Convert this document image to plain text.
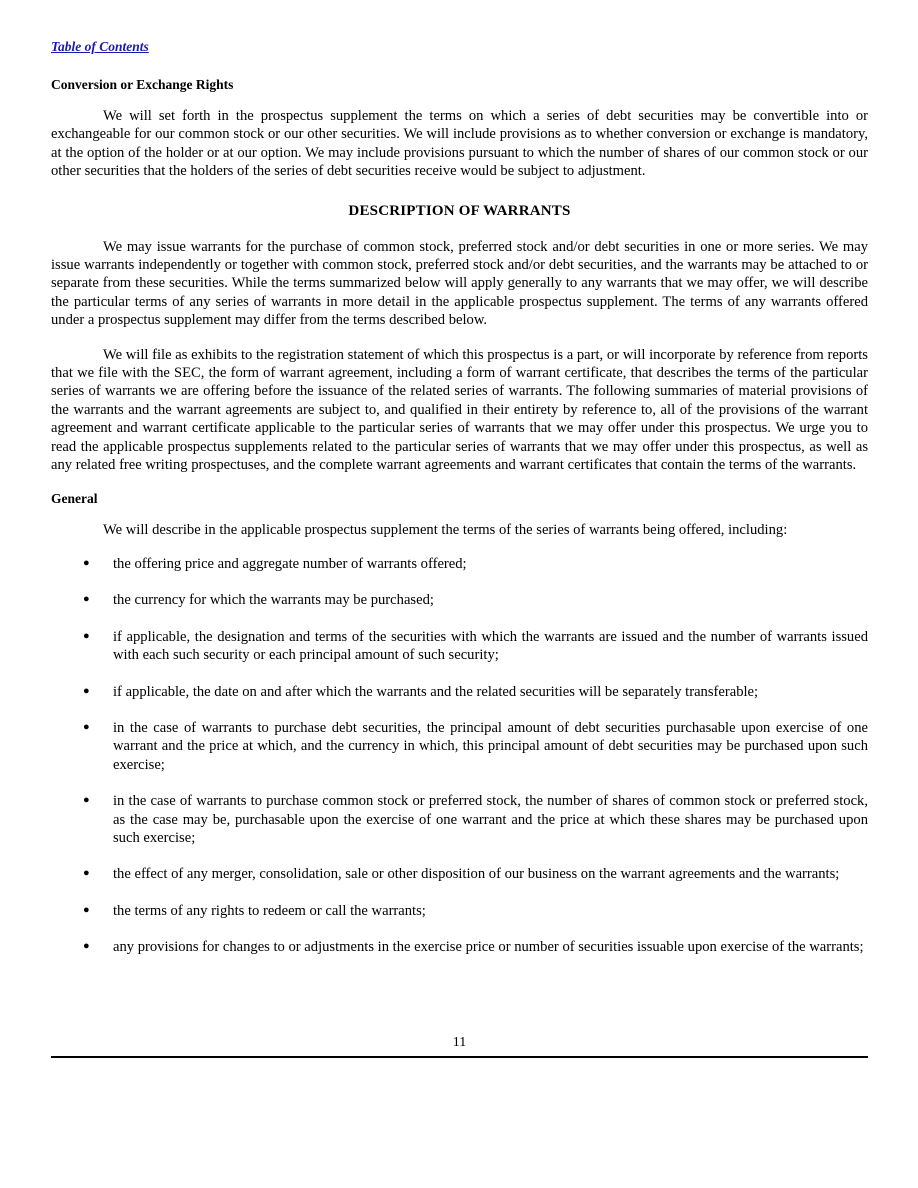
Table of Contents
Conversion or Exchange Rights

We will set forth in the prospectus supplement the terms on which a series of debt securities may be convertible into or exchangeable for our common stock or our other securities. We will include provisions as to whether conversion or exchange is mandatory, at the option of the holder or at our option. We may include provisions pursuant to which the number of shares of our common stock or our other securities that the holders of the series of debt securities receive would be subject to adjustment.

DESCRIPTION OF WARRANTS

We may issue warrants for the purchase of common stock, preferred stock and/or debt securities in one or more series. We may issue warrants independently or together with common stock, preferred stock and/or debt securities, and the warrants may be attached to or separate from these securities. While the terms summarized below will apply generally to any warrants that we may offer, we will describe the particular terms of any series of warrants in more detail in the applicable prospectus supplement. The terms of any warrants offered under a prospectus supplement may differ from the terms described below.

We will file as exhibits to the registration statement of which this prospectus is a part, or will incorporate by reference from reports that we file with the SEC, the form of warrant agreement, including a form of warrant certificate, that describes the terms of the particular series of warrants we are offering before the issuance of the related series of warrants. The following summaries of material provisions of the warrants and the warrant agreements are subject to, and qualified in their entirety by reference to, all of the provisions of the warrant agreement and warrant certificate applicable to the particular series of warrants that we may offer under this prospectus. We urge you to read the applicable prospectus supplements related to the particular series of warrants that we may offer under this prospectus, as well as any related free writing prospectuses, and the complete warrant agreements and warrant certificates that contain the terms of the warrants.

General

We will describe in the applicable prospectus supplement the terms of the series of warrants being offered, including:

● the offering price and aggregate number of warrants offered;
● the currency for which the warrants may be purchased;
● if applicable, the designation and terms of the securities with which the warrants are issued and the number of warrants issued with each such security or each principal amount of such security;
● if applicable, the date on and after which the warrants and the related securities will be separately transferable;
● in the case of warrants to purchase debt securities, the principal amount of debt securities purchasable upon exercise of one warrant and the price at which, and the currency in which, this principal amount of debt securities may be purchased upon such exercise;
● in the case of warrants to purchase common stock or preferred stock, the number of shares of common stock or preferred stock, as the case may be, purchasable upon the exercise of one warrant and the price at which these shares may be purchased upon such exercise;
● the effect of any merger, consolidation, sale or other disposition of our business on the warrant agreements and the warrants;
● the terms of any rights to redeem or call the warrants;
● any provisions for changes to or adjustments in the exercise price or number of securities issuable upon exercise of the warrants;
11
